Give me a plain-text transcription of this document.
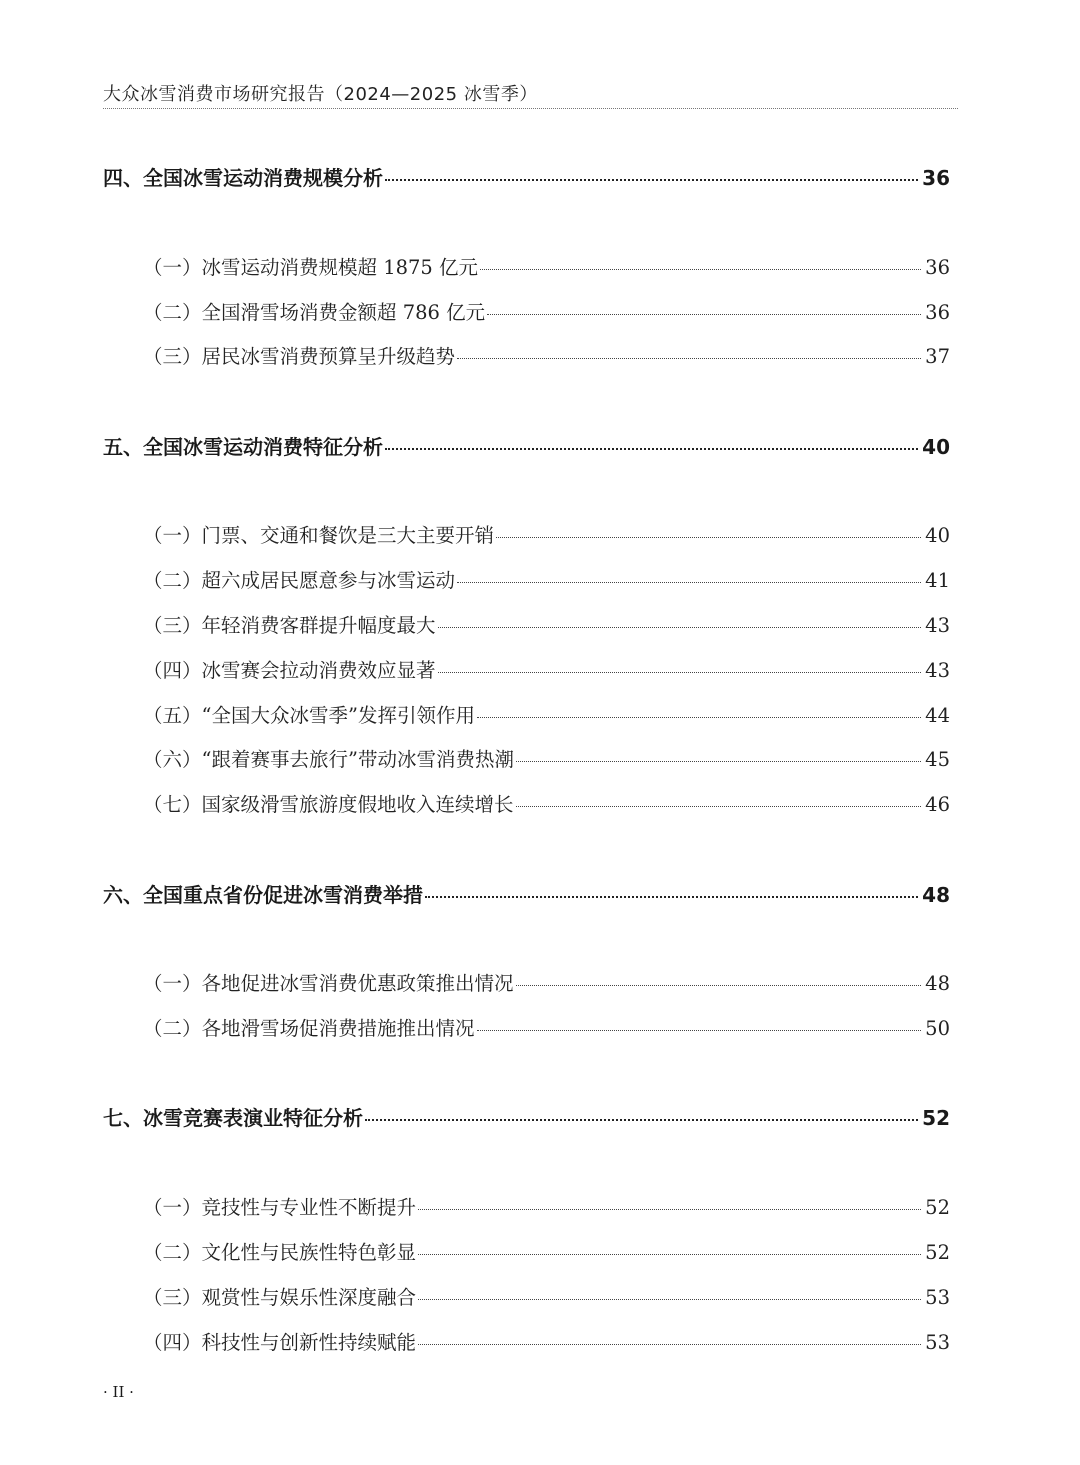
大众冰雪消费市场研究报告（2024—2025 冰雪季）
四、全国冰雪运动消费规模分析	36
（一）冰雪运动消费规模超 1875 亿元	36
（二）全国滑雪场消费金额超 786 亿元	36
（三）居民冰雪消费预算呈升级趋势	37
五、全国冰雪运动消费特征分析	40
（一）门票、交通和餐饮是三大主要开销	40
（二）超六成居民愿意参与冰雪运动	41
（三）年轻消费客群提升幅度最大	43
（四）冰雪赛会拉动消费效应显著	43
（五）“全国大众冰雪季”发挥引领作用	44
（六）“跟着赛事去旅行”带动冰雪消费热潮	45
（七）国家级滑雪旅游度假地收入连续增长	46
六、全国重点省份促进冰雪消费举措	48
（一）各地促进冰雪消费优惠政策推出情况	48
（二）各地滑雪场促消费措施推出情况	50
七、冰雪竞赛表演业特征分析	52
（一）竞技性与专业性不断提升	52
（二）文化性与民族性特色彰显	52
（三）观赏性与娱乐性深度融合	53
（四）科技性与创新性持续赋能	53
· II ·
